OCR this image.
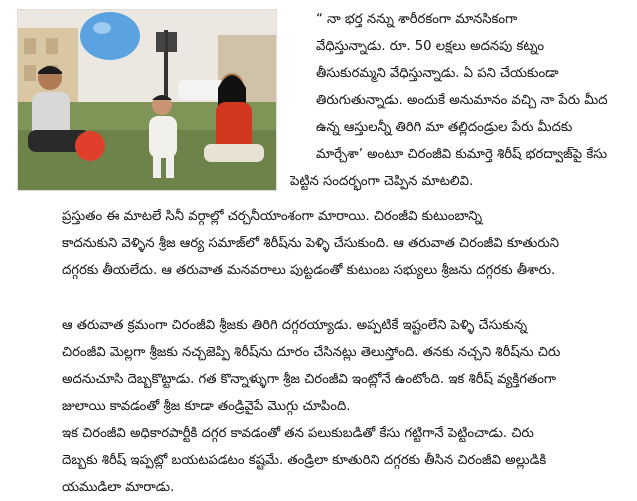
“ నా భర్త నన్ను శారీరకంగా మానసికంగా
వేధిస్తున్నాడు. రూ. 50 లక్షలు అదనపు కట్నం
తీసుకురమ్మని వేధిస్తున్నాడు. ఏ పని చేయకుండా
తిరుగుతున్నాడు. అందుకే అనుమానం వచ్చి నా పేరు మీద
ఉన్న ఆస్తులన్నీ తిరిగి మా తల్లిదండ్రుల పేరు మీదకు
మార్చేశా’ అంటూ చిరంజీవి కుమార్తె శిరీష్ భరద్వాజ్‌పై కేసు

పెట్టిన సందర్భంగా చెప్పిన మాటలివి.

ప్రస్తుతం ఈ మాటలే సినీ వర్గాల్లో చర్చనీయాంశంగా మారాయి. చిరంజీవి కుటుంబాన్ని
కాదనుకుని వెళ్ళిన శ్రీజ ఆర్య సమాజ్‌లో శిరీష్‌ను పెళ్ళి చేసుకుంది. ఆ తరువాత చిరంజీవి కూతురుని
దగ్గరకు తీయలేదు. ఆ తరువాత మనవరాలు పుట్టడంతో కుటుంబ సభ్యులు శ్రీజను దగ్గరకు తీశారు.

ఆ తరువాత క్రమంగా చిరంజీవి శ్రీజకు తిరిగి దగ్గరయ్యాడు. అప్పటికే ఇష్టంలేని పెళ్ళి చేసుకున్న
చిరంజీవి మెల్లగా శ్రీజకు నచ్చజెప్పి శిరీష్‌ను దూరం చేసినట్లు తెలుస్తోంది. తనకు నచ్చని శిరీష్‌ను చిరు
అదనుచూసి దెబ్బకొట్టాడు. గత కొన్నాళ్ళుగా శ్రీజ చిరంజీవి ఇంట్లోనే ఉంటోంది. ఇక శిరీష్ వ్యక్తిగతంగా
జులాయి కావడంతో శ్రీజ కూడా తండ్రివైపే మొగ్గు చూపింది.

ఇక చిరంజీవి అధికారపార్టీకి దగ్గర కావడంతో తన పలుకుబడితో కేసు గట్టిగానే పెట్టించాడు. చిరు
దెబ్బకు శిరీష్ ఇప్పట్లో బయటపడటం కష్టమే. తండ్రిలా కూతురిని దగ్గరకు తీసిన చిరంజీవి అల్లుడికి
యముడిలా మారాడు.
